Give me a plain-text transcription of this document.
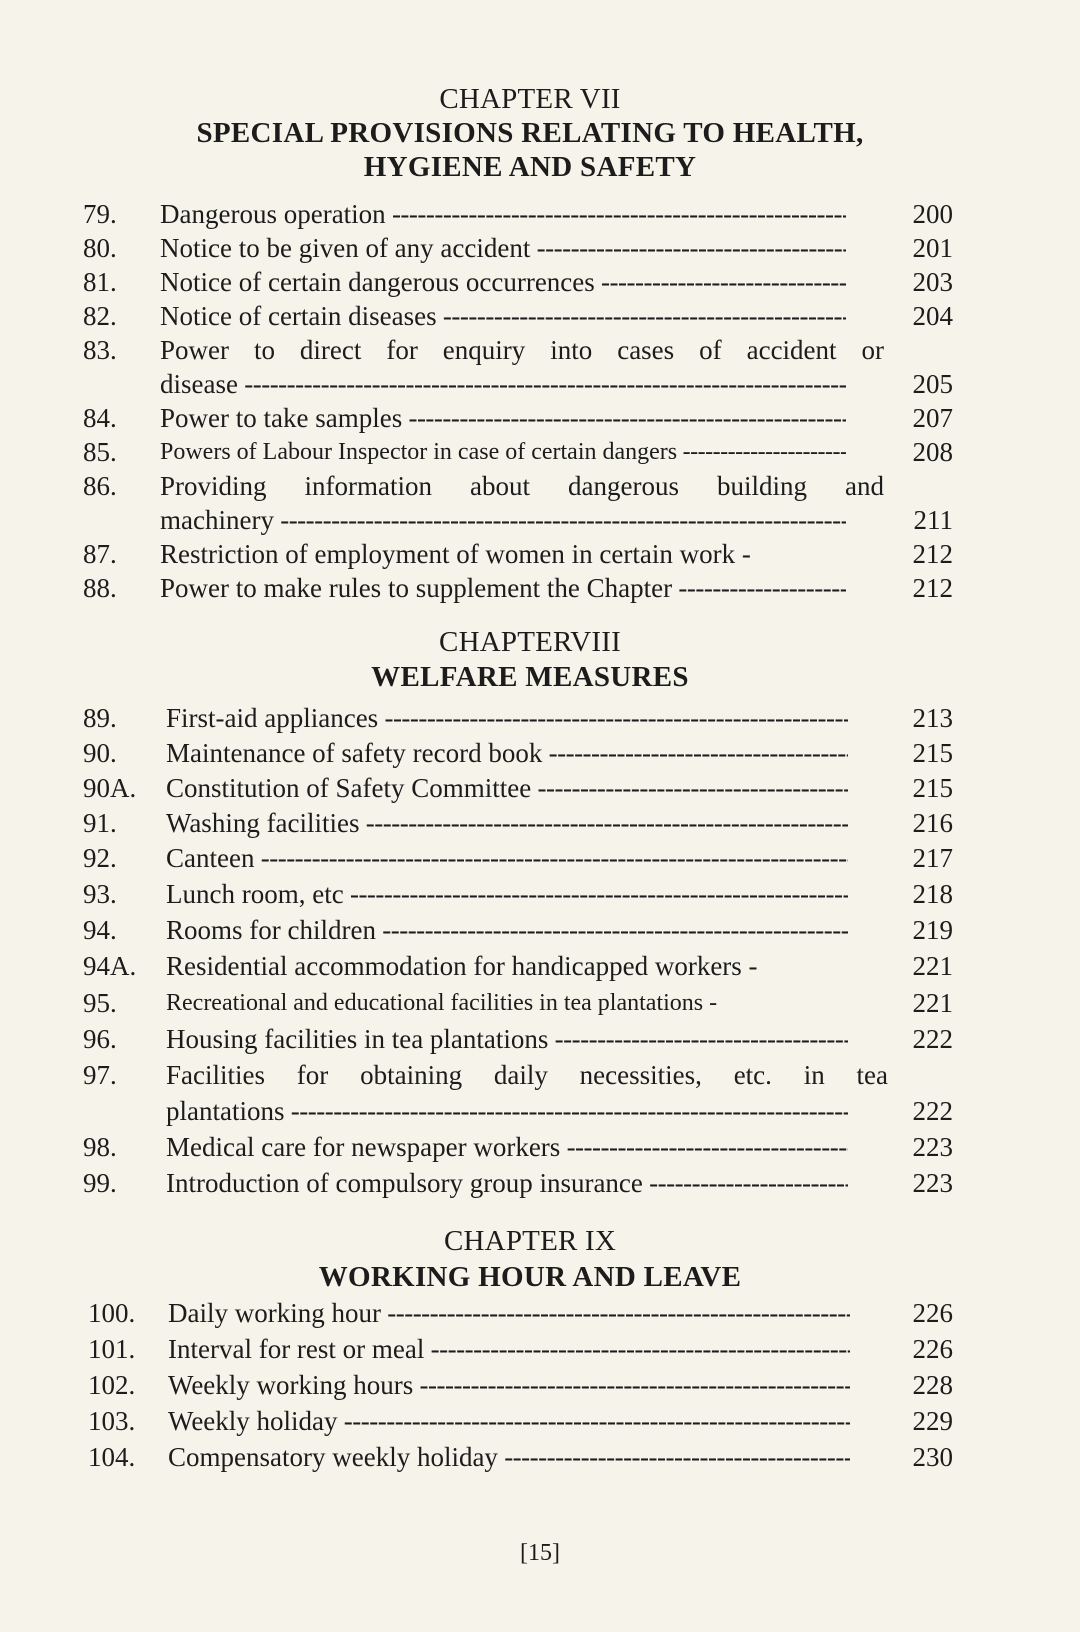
CHAPTER VII
SPECIAL PROVISIONS RELATING TO HEALTH,
HYGIENE AND SAFETY
79. Dangerous operation -----	200
80. Notice to be given of any accident -----	201
81. Notice of certain dangerous occurrences -----	203
82. Notice of certain diseases -----	204
83. Power to direct for enquiry into cases of accident or
disease -----	205
84. Power to take samples -----	207
85. Powers of Labour Inspector in case of certain dangers -----	208
86. Providing information about dangerous building and
machinery -----	211
87. Restriction of employment of women in certain work -	212
88. Power to make rules to supplement the Chapter -----	212
CHAPTERVIII
WELFARE MEASURES
89. First-aid appliances -----	213
90. Maintenance of safety record book -----	215
90A. Constitution of Safety Committee -----	215
91. Washing facilities -----	216
92. Canteen -----	217
93. Lunch room, etc -----	218
94. Rooms for children -----	219
94A. Residential accommodation for handicapped workers -	221
95. Recreational and educational facilities in tea plantations -	221
96. Housing facilities in tea plantations -----	222
97. Facilities for obtaining daily necessities, etc. in tea
plantations -----	222
98. Medical care for newspaper workers -----	223
99. Introduction of compulsory group insurance -----	223
CHAPTER IX
WORKING HOUR AND LEAVE
100. Daily working hour -----	226
101. Interval for rest or meal -----	226
102. Weekly working hours -----	228
103. Weekly holiday -----	229
104. Compensatory weekly holiday -----	230
[15]
